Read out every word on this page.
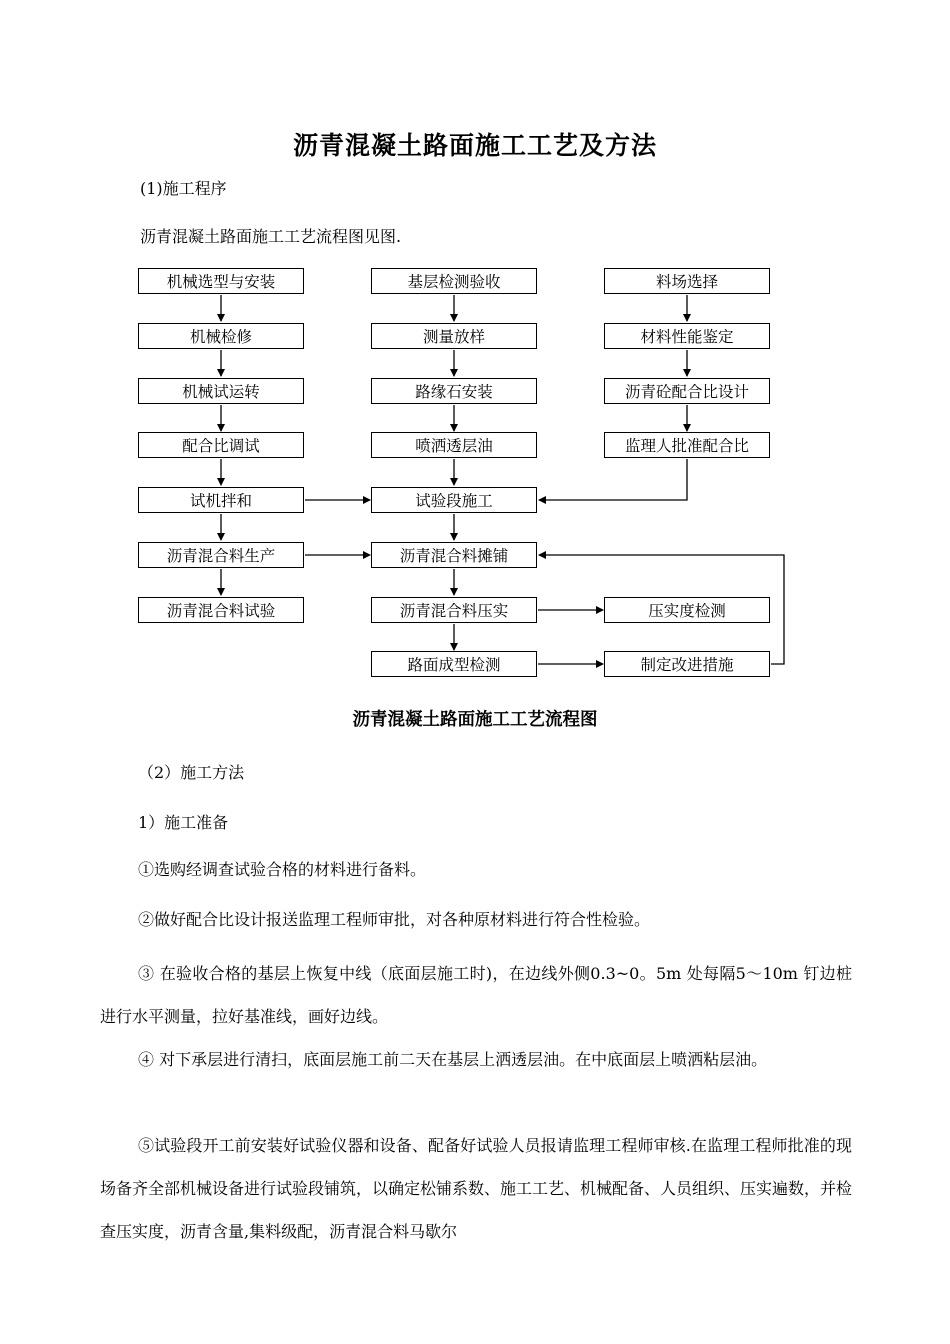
沥青混凝土路面施工工艺及方法
(1)施工程序
沥青混凝土路面施工工艺流程图见图.
机械选型与安装
机械检修
机械试运转
配合比调试
试机拌和
沥青混合料生产
沥青混合料试验
基层检测验收
测量放样
路缘石安装
喷洒透层油
试验段施工
沥青混合料摊铺
沥青混合料压实
路面成型检测
料场选择
材料性能鉴定
沥青砼配合比设计
监理人批准配合比
压实度检测
制定改进措施
沥青混凝土路面施工工艺流程图
（2）施工方法
1）施工准备
①选购经调查试验合格的材料进行备料。
②做好配合比设计报送监理工程师审批，对各种原材料进行符合性检验。
③ 在验收合格的基层上恢复中线（底面层施工时)，在边线外侧0.3~0。5m 处每隔5～10m 钉边桩进行水平测量，拉好基准线，画好边线。
④ 对下承层进行清扫，底面层施工前二天在基层上洒透层油。在中底面层上喷洒粘层油。
⑤试验段开工前安装好试验仪器和设备、配备好试验人员报请监理工程师审核.在监理工程师批准的现场备齐全部机械设备进行试验段铺筑，以确定松铺系数、施工工艺、机械配备、人员组织、压实遍数，并检查压实度，沥青含量,集料级配，沥青混合料马歇尔
